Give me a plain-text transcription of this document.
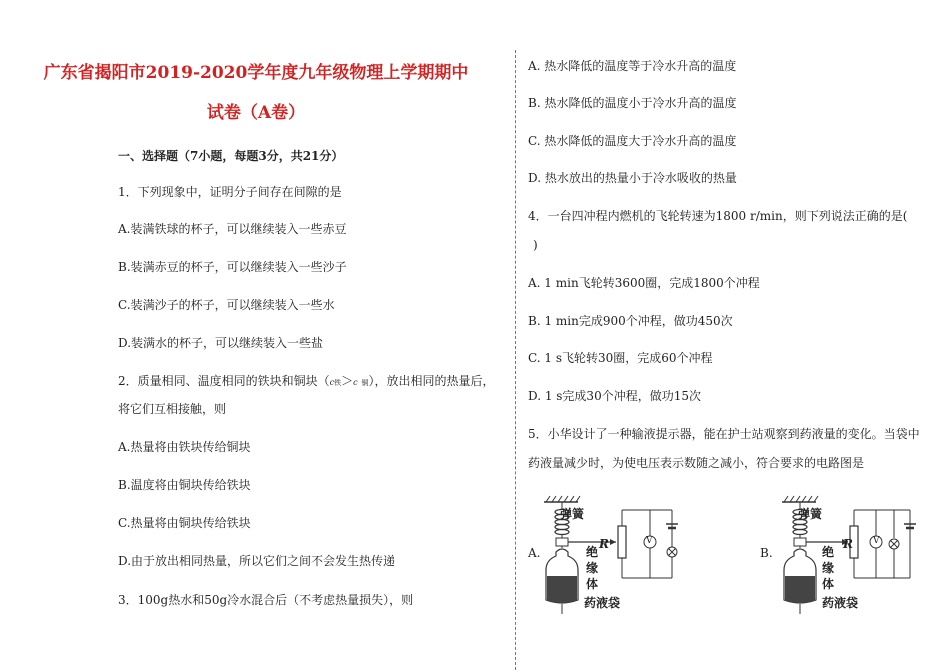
广东省揭阳市2019-2020学年度九年级物理上学期期中
试卷（A卷）
一、选择题（7小题，每题3分，共21分）
1．下列现象中，证明分子间存在间隙的是
A.装满铁球的杯子，可以继续装入一些赤豆
B.装满赤豆的杯子，可以继续装入一些沙子
C.装满沙子的杯子，可以继续装入一些水
D.装满水的杯子，可以继续装入一些盐
2．质量相同、温度相同的铁块和铜块（c铁＞c 铜），放出相同的热量后，
将它们互相接触，则
A.热量将由铁块传给铜块
B.温度将由铜块传给铁块
C.热量将由铜块传给铁块
D.由于放出相同热量，所以它们之间不会发生热传递
3．100g热水和50g冷水混合后（不考虑热量损失），则
A. 热水降低的温度等于冷水升高的温度
B. 热水降低的温度小于冷水升高的温度
C. 热水降低的温度大于冷水升高的温度
D. 热水放出的热量小于冷水吸收的热量
4．一台四冲程内燃机的飞轮转速为1800 r/min，则下列说法正确的是(
)
A. 1 min飞轮转3600圈，完成1800个冲程
B. 1 min完成900个冲程，做功450次
C. 1 s飞轮转30圈，完成60个冲程
D. 1 s完成30个冲程，做功15次
5．小华设计了一种输液提示器，能在护士站观察到药液量的变化。当袋中
药液量减少时，为使电压表示数随之减小，符合要求的电路图是
A.
弹簧
R	V
绝
缘
体
药液袋
B.
弹簧
R V
绝
缘
体
药液袋
